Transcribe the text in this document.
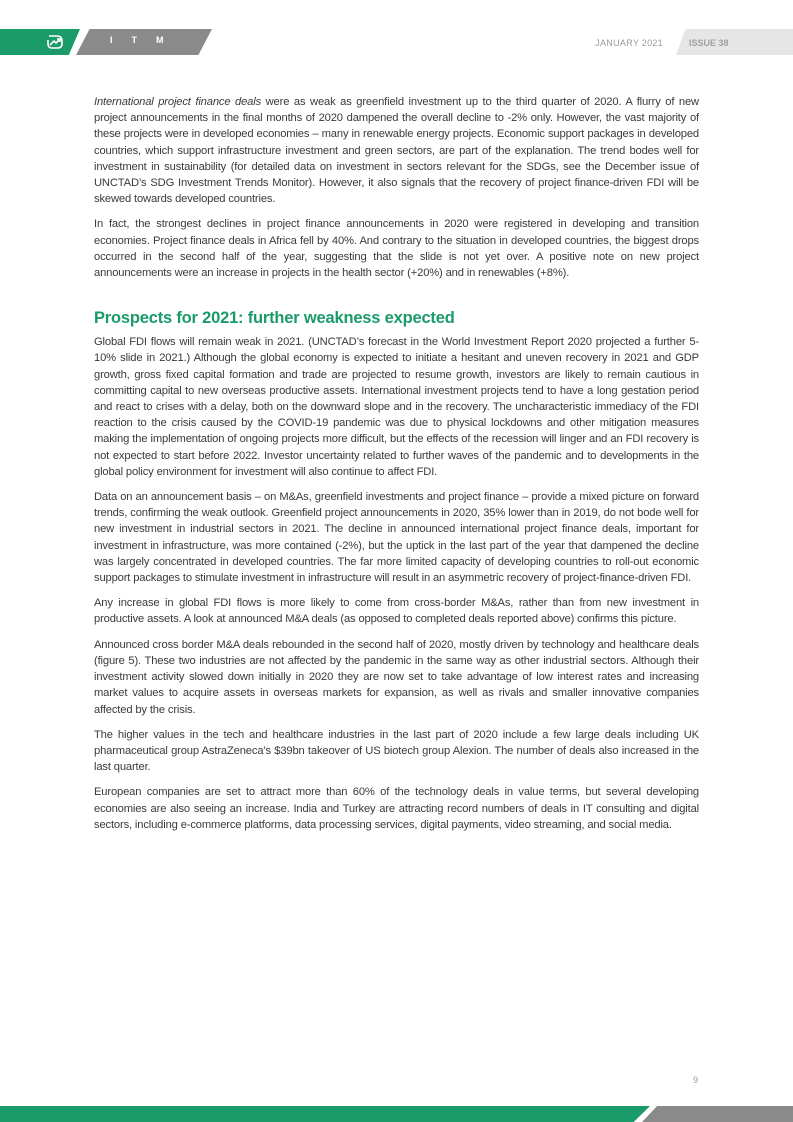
I T M	JANUARY 2021	ISSUE 38

International project finance deals were as weak as greenfield investment up to the third quarter of 2020. A flurry of new project announcements in the final months of 2020 dampened the overall decline to -2% only. However, the vast majority of these projects were in developed economies – many in renewable energy projects. Economic support packages in developed countries, which support infrastructure investment and green sectors, are part of the explanation. The trend bodes well for investment in sustainability (for detailed data on investment in sectors relevant for the SDGs, see the December issue of UNCTAD’s SDG Investment Trends Monitor). However, it also signals that the recovery of project finance-driven FDI will be skewed towards developed countries.

In fact, the strongest declines in project finance announcements in 2020 were registered in developing and transition economies. Project finance deals in Africa fell by 40%. And contrary to the situation in developed countries, the biggest drops occurred in the second half of the year, suggesting that the slide is not yet over. A positive note on new project announcements were an increase in projects in the health sector (+20%) and in renewables (+8%).

Prospects for 2021: further weakness expected

Global FDI flows will remain weak in 2021. (UNCTAD’s forecast in the World Investment Report 2020 projected a further 5-10% slide in 2021.) Although the global economy is expected to initiate a hesitant and uneven recovery in 2021 and GDP growth, gross fixed capital formation and trade are projected to resume growth, investors are likely to remain cautious in committing capital to new overseas productive assets. International investment projects tend to have a long gestation period and react to crises with a delay, both on the downward slope and in the recovery. The uncharacteristic immediacy of the FDI reaction to the crisis caused by the COVID-19 pandemic was due to physical lockdowns and other mitigation measures making the implementation of ongoing projects more difficult, but the effects of the recession will linger and an FDI recovery is not expected to start before 2022. Investor uncertainty related to further waves of the pandemic and to developments in the global policy environment for investment will also continue to affect FDI.

Data on an announcement basis – on M&As, greenfield investments and project finance – provide a mixed picture on forward trends, confirming the weak outlook. Greenfield project announcements in 2020, 35% lower than in 2019, do not bode well for new investment in industrial sectors in 2021. The decline in announced international project finance deals, important for investment in infrastructure, was more contained (-2%), but the uptick in the last part of the year that dampened the decline was largely concentrated in developed countries. The far more limited capacity of developing countries to roll-out economic support packages to stimulate investment in infrastructure will result in an asymmetric recovery of project-finance-driven FDI.

Any increase in global FDI flows is more likely to come from cross-border M&As, rather than from new investment in productive assets. A look at announced M&A deals (as opposed to completed deals reported above) confirms this picture.

Announced cross border M&A deals rebounded in the second half of 2020, mostly driven by technology and healthcare deals (figure 5). These two industries are not affected by the pandemic in the same way as other industrial sectors. Although their investment activity slowed down initially in 2020 they are now set to take advantage of low interest rates and increasing market values to acquire assets in overseas markets for expansion, as well as rivals and smaller innovative companies affected by the crisis.

The higher values in the tech and healthcare industries in the last part of 2020 include a few large deals including UK pharmaceutical group AstraZeneca’s $39bn takeover of US biotech group Alexion. The number of deals also increased in the last quarter.

European companies are set to attract more than 60% of the technology deals in value terms, but several developing economies are also seeing an increase. India and Turkey are attracting record numbers of deals in IT consulting and digital sectors, including e-commerce platforms, data processing services, digital payments, video streaming, and social media.

9
